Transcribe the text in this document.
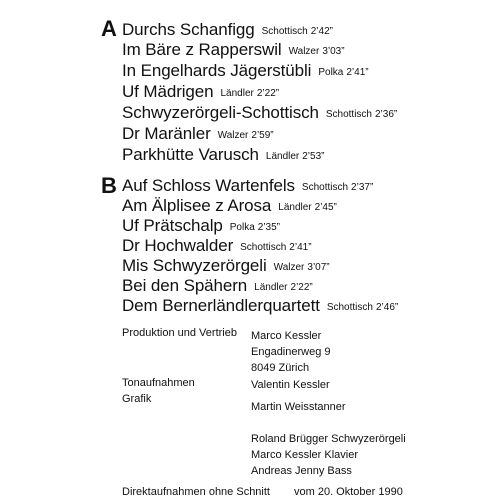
A Durchs Schanfigg Schottisch 2’42”
Im Bäre z Rapperswil Walzer 3’03”
In Engelhards Jägerstübli Polka 2’41”
Uf Mädrigen Ländler 2’22”
Schwyzerörgeli-Schottisch Schottisch 2’36”
Dr Maränler Walzer 2’59”
Parkhütte Varusch Ländler 2’53”
B Auf Schloss Wartenfels Schottisch 2’37”
Am Älplisee z Arosa Ländler 2’45”
Uf Prätschalp Polka 2’35”
Dr Hochwalder Schottisch 2’41”
Mis Schwyzerörgeli Walzer 3’07”
Bei den Spähern Ländler 2’22”
Dem Bernerländlerquartett Schottisch 2’46”
Produktion und Vertrieb Marco Kessler
Engadinerweg 9
8049 Zürich
Tonaufnahmen	Valentin Kessler
Grafik
Martin Weisstanner
Roland Brügger Schwyzerörgeli
Marco Kessler Klavier
Andreas Jenny Bass
Direktaufnahmen ohne Schnitt vom 20. Oktober 1990
